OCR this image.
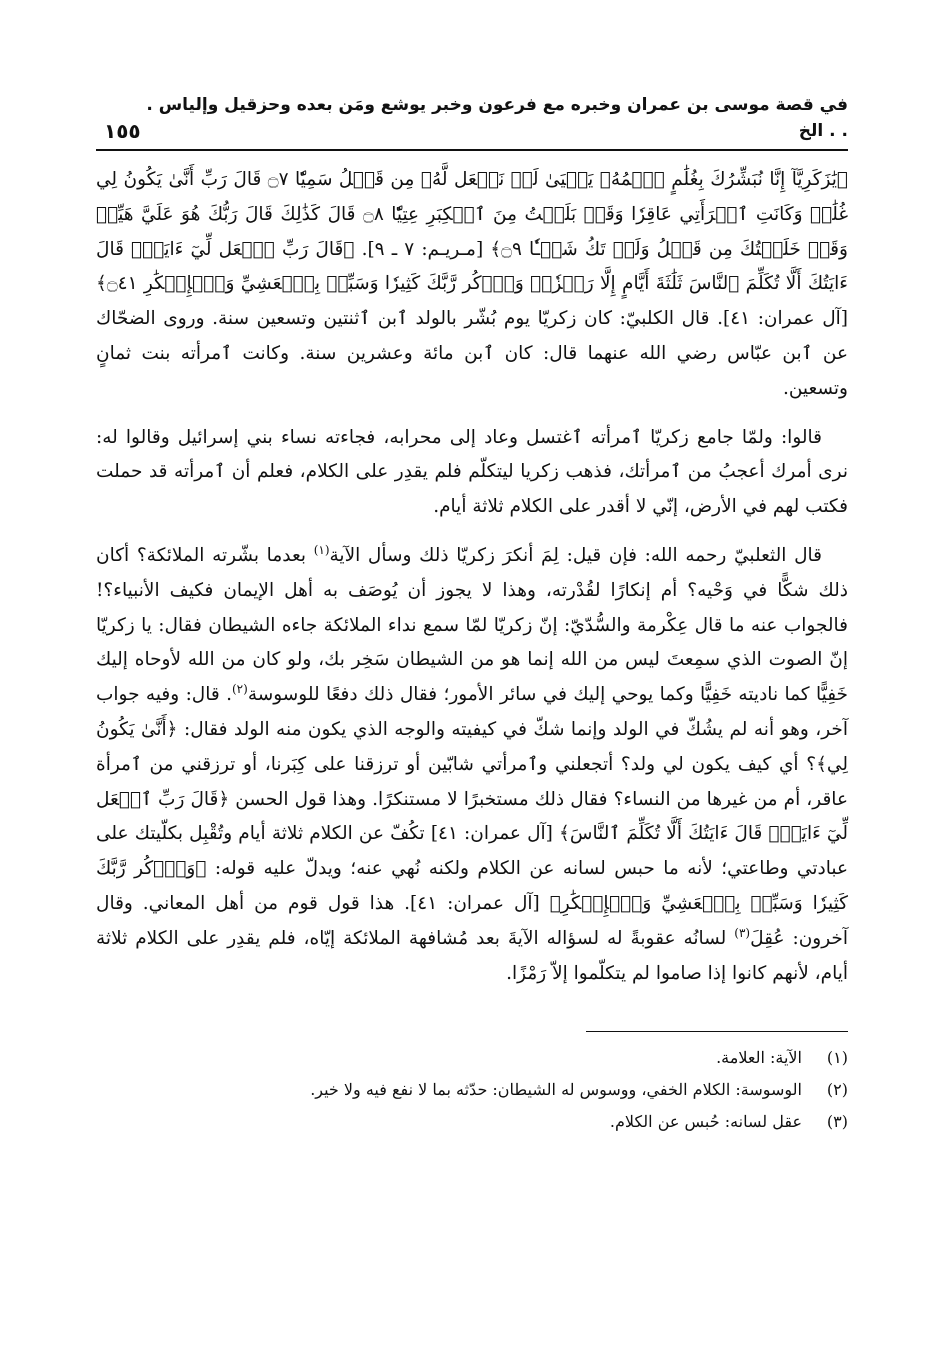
في قصة موسى بن عمران وخبره مع فرعون وخبر يوشع ومَن بعده وحزقيل وإلياس . . . الخ
١٥٥

﴿يَٰزَكَرِيَّآ إِنَّا نُبَشِّرُكَ بِغُلَٰمٍ ٱسۡمُهُۥ يَحۡيَىٰ لَمۡ نَجۡعَل لَّهُۥ مِن قَبۡلُ سَمِيّٗا ۝٧ قَالَ رَبِّ أَنَّىٰ يَكُونُ لِي غُلَٰمٞ وَكَانَتِ ٱمۡرَأَتِي عَاقِرٗا وَقَدۡ بَلَغۡتُ مِنَ ٱلۡكِبَرِ عِتِيّٗا ۝٨ قَالَ كَذَٰلِكَ قَالَ رَبُّكَ هُوَ عَلَيَّ هَيِّنٞ وَقَدۡ خَلَقۡتُكَ مِن قَبۡلُ وَلَمۡ تَكُ شَيۡـٔٗا ۝٩﴾ [مـريـم: ٧ ـ ٩]. ﴿قَالَ رَبِّ ٱجۡعَل لِّيٓ ءَايَةٗۖ قَالَ ءَايَتُكَ أَلَّا تُكَلِّمَ ٱلنَّاسَ ثَلَٰثَةَ أَيَّامٍ إِلَّا رَمۡزٗاۗ وَٱذۡكُر رَّبَّكَ كَثِيرٗا وَسَبِّحۡ بِٱلۡعَشِيِّ وَٱلۡإِبۡكَٰرِ ۝٤١﴾ [آل عمران: ٤١]. قال الكلبيّ: كان زكريّا يوم بُشّر بالولد ٱبن ٱثنتين وتسعين سنة. وروى الضحّاك عن ٱبن عبّاس رضي الله عنهما قال: كان ٱبن مائة وعشرين سنة. وكانت ٱمرأته بنت ثمانٍ وتسعين.

قالوا: ولمّا جامع زكريّا ٱمرأته ٱغتسل وعاد إلى محرابه، فجاءته نساء بني إسرائيل وقالوا له: نرى أمرك أعجبُ من ٱمرأتك، فذهب زكريا ليتكلّم فلم يقدِر على الكلام، فعلم أن ٱمرأته قد حملت فكتب لهم في الأرض، إنّي لا أقدر على الكلام ثلاثة أيام.

قال الثعلبيّ رحمه الله: فإن قيل: لِمَ أنكرَ زكريّا ذلك وسأل الآية$^{(١)}$ بعدما بشّرته الملائكة؟ أكان ذلك شكًّا في وَحْيه؟ أم إنكارًا لقُدْرته، وهذا لا يجوز أن يُوصَف به أهل الإيمان فكيف الأنبياء؟! فالجواب عنه ما قال عِكْرمة والسُّدّيّ: إنّ زكريّا لمّا سمع نداء الملائكة جاءه الشيطان فقال: يا زكريّا إنّ الصوت الذي سمِعتَ ليس من الله إنما هو من الشيطان سَخِر بك، ولو كان من الله لأوحاه إليك خَفِيًّا كما ناديته خَفِيًّا وكما يوحي إليك في سائر الأمور؛ فقال ذلك دفعًا للوسوسة$^{(٢)}$. قال: وفيه جواب آخر، وهو أنه لم يشُكّ في الولد وإنما شكّ في كيفيته والوجه الذي يكون منه الولد فقال: ﴿أَنَّىٰ يَكُونُ لِي﴾؟ أي كيف يكون لي ولد؟ أتجعلني وٱمرأتي شابّين أو ترزقنا على كِبَرنا، أو ترزقني من ٱمرأة عاقر، أم من غيرها من النساء؟ فقال ذلك مستخبرًا لا مستنكرًا. وهذا قول الحسن ﴿قَالَ رَبِّ ٱجۡعَل لِّيٓ ءَايَةٗۖ قَالَ ءَايَتُكَ أَلَّا تُكَلِّمَ ٱلنَّاسَ﴾ [آل عمران: ٤١] تكُفّ عن الكلام ثلاثة أيام وتُقْبِل بكلّيتك على عبادتي وطاعتي؛ لأنه ما حبس لسانه عن الكلام ولكنه نُهي عنه؛ ويدلّ عليه قوله: ﴿وَٱذۡكُر رَّبَّكَ كَثِيرٗا وَسَبِّحۡ بِٱلۡعَشِيِّ وَٱلۡإِبۡكَٰرِ﴾ [آل عمران: ٤١]. هذا قول قوم من أهل المعاني. وقال آخرون: عُقِلَ$^{(٣)}$ لسانُه عقوبةً له لسؤاله الآيةَ بعد مُشافهة الملائكة إيّاه، فلم يقدِر على الكلام ثلاثة أيام، لأنهم كانوا إذا صاموا لم يتكلّموا إلاّ رَمْزًا.

(١)
الآية: العلامة.
(٢)
الوسوسة: الكلام الخفي، ووسوس له الشيطان: حدّثه بما لا نفع فيه ولا خير.
(٣)
عقل لسانه: حُبس عن الكلام.
